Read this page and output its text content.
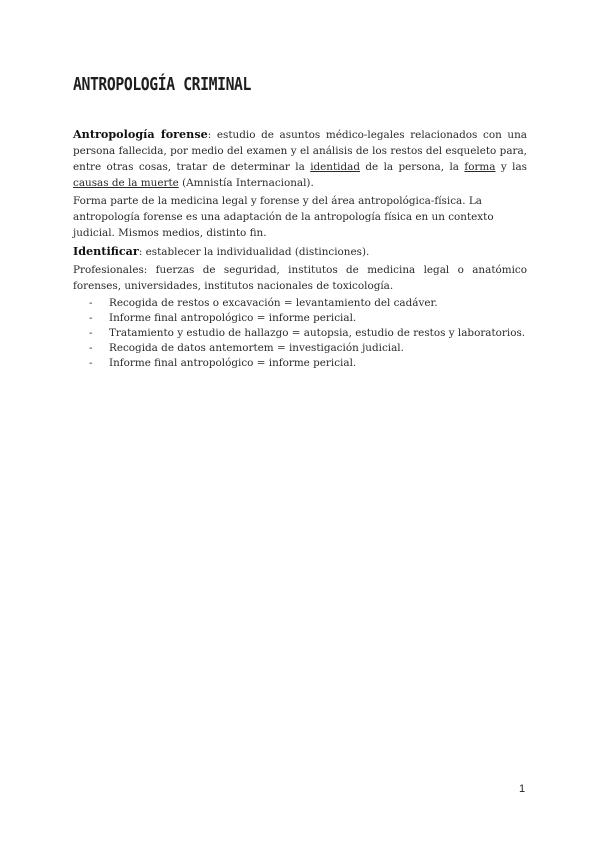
ANTROPOLOGÍA CRIMINAL

Antropología forense: estudio de asuntos médico-legales relacionados con una persona fallecida, por medio del examen y el análisis de los restos del esqueleto para, entre otras cosas, tratar de determinar la identidad de la persona, la forma y las causas de la muerte (Amnistía Internacional).

Forma parte de la medicina legal y forense y del área antropológica-física. La antropología forense es una adaptación de la antropología física en un contexto judicial. Mismos medios, distinto fin.

Identificar: establecer la individualidad (distinciones).

Profesionales: fuerzas de seguridad, institutos de medicina legal o anatómico forenses, universidades, institutos nacionales de toxicología.

- Recogida de restos o excavación = levantamiento del cadáver.
- Informe final antropológico = informe pericial.
- Tratamiento y estudio de hallazgo = autopsia, estudio de restos y laboratorios.
- Recogida de datos antemortem = investigación judicial.
- Informe final antropológico = informe pericial.
1
